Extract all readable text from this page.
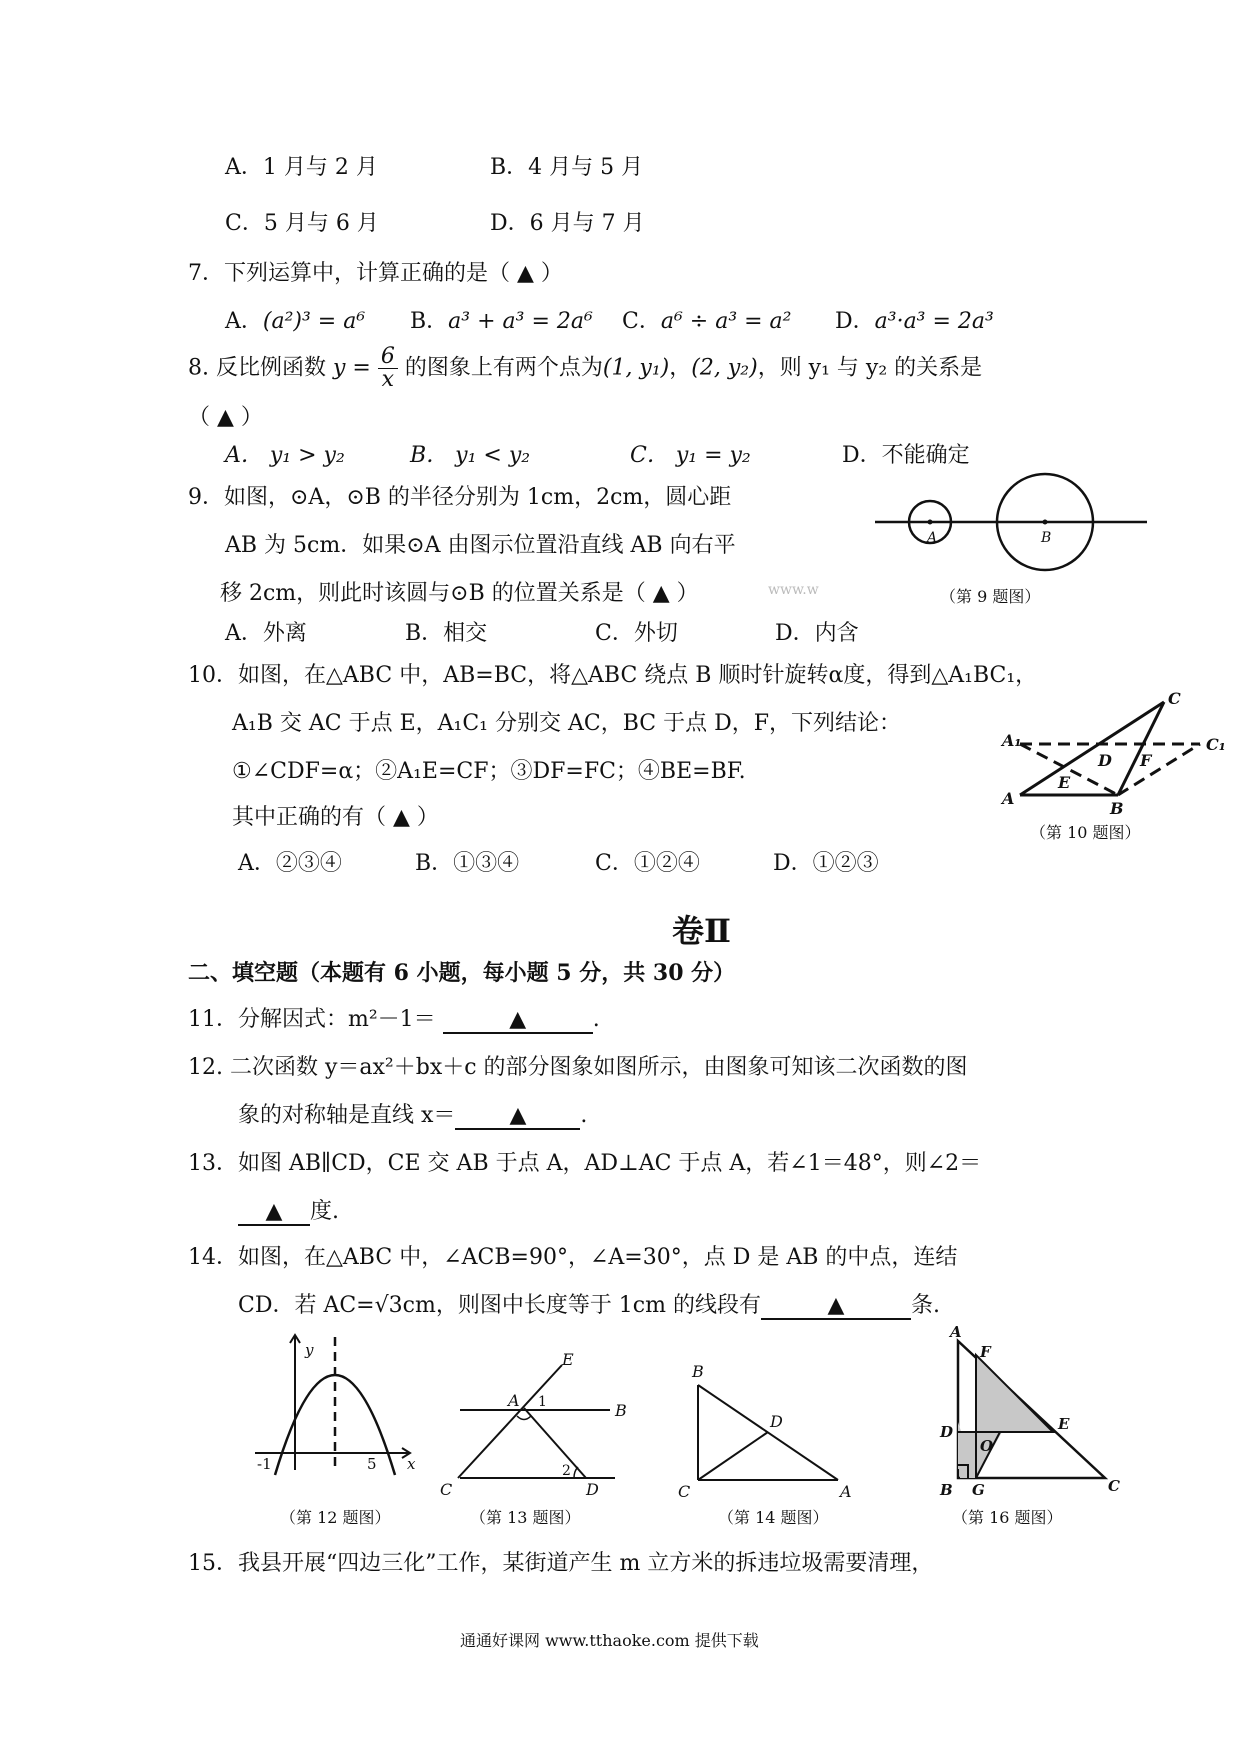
A．1 月与 2 月	B．4 月与 5 月
C．5 月与 6 月	D．6 月与 7 月
7．下列运算中，计算正确的是（ ▲ ）
A．(a²)³ = a⁶ B．a³ + a³ = 2a⁶ C．a⁶ ÷ a³ = a² D．a³·a³ = 2a³
8. 反比例函数 $y = \frac{6}{x}$ 的图象上有两个点为(1, y₁)，(2, y₂)，则 y₁ 与 y₂ 的关系是
（ ▲ ）
A． y₁ > y₂	B． y₁ < y₂	C． y₁ = y₂	D．不能确定
9．如图，⊙A，⊙B 的半径分别为 1cm，2cm，圆心距
AB 为 5cm．如果⊙A 由图示位置沿直线 AB 向右平
移 2cm，则此时该圆与⊙B 的位置关系是（ ▲ ）	www.w
A．外离	B．相交	C．外切	D．内含
A	B
（第 9 题图）
10．如图，在△ABC 中，AB=BC，将△ABC 绕点 B 顺时针旋转α度，得到△A₁BC₁，
A₁B 交 AC 于点 E，A₁C₁ 分别交 AC，BC 于点 D，F，下列结论：
①∠CDF=α；②A₁E=CF；③DF=FC；④BE=BF.
其中正确的有（ ▲ ）
A．②③④	B．①③④	C．①②④	D．①②③
A
A₁
C
C₁
D
E
F
B
（第 10 题图）
卷Ⅱ
二、填空题（本题有 6 小题，每小题 5 分，共 30 分）
11．分解因式：m²－1＝	▲	.
12. 二次函数 y＝ax²＋bx＋c 的部分图象如图所示，由图象可知该二次函数的图
象的对称轴是直线 x＝ ▲ .
13．如图 AB∥CD，CE 交 AB 于点 A，AD⊥AC 于点 A，若∠1＝48°，则∠2＝
▲ 度.
14．如图，在△ABC 中，∠ACB=90°，∠A=30°，点 D 是 AB 的中点，连结
CD．若 AC=√3cm，则图中长度等于 1cm 的线段有	▲	条.
y
x
-1	5
（第 12 题图）
E
A 1	B
C	D
2
（第 13 题图）
B
D
C	A
（第 14 题图）
A
F
E
D
O
B G	C
（第 16 题图）
15．我县开展“四边三化”工作，某街道产生 m 立方米的拆违垃圾需要清理，
通通好课网 www.tthaoke.com 提供下载
